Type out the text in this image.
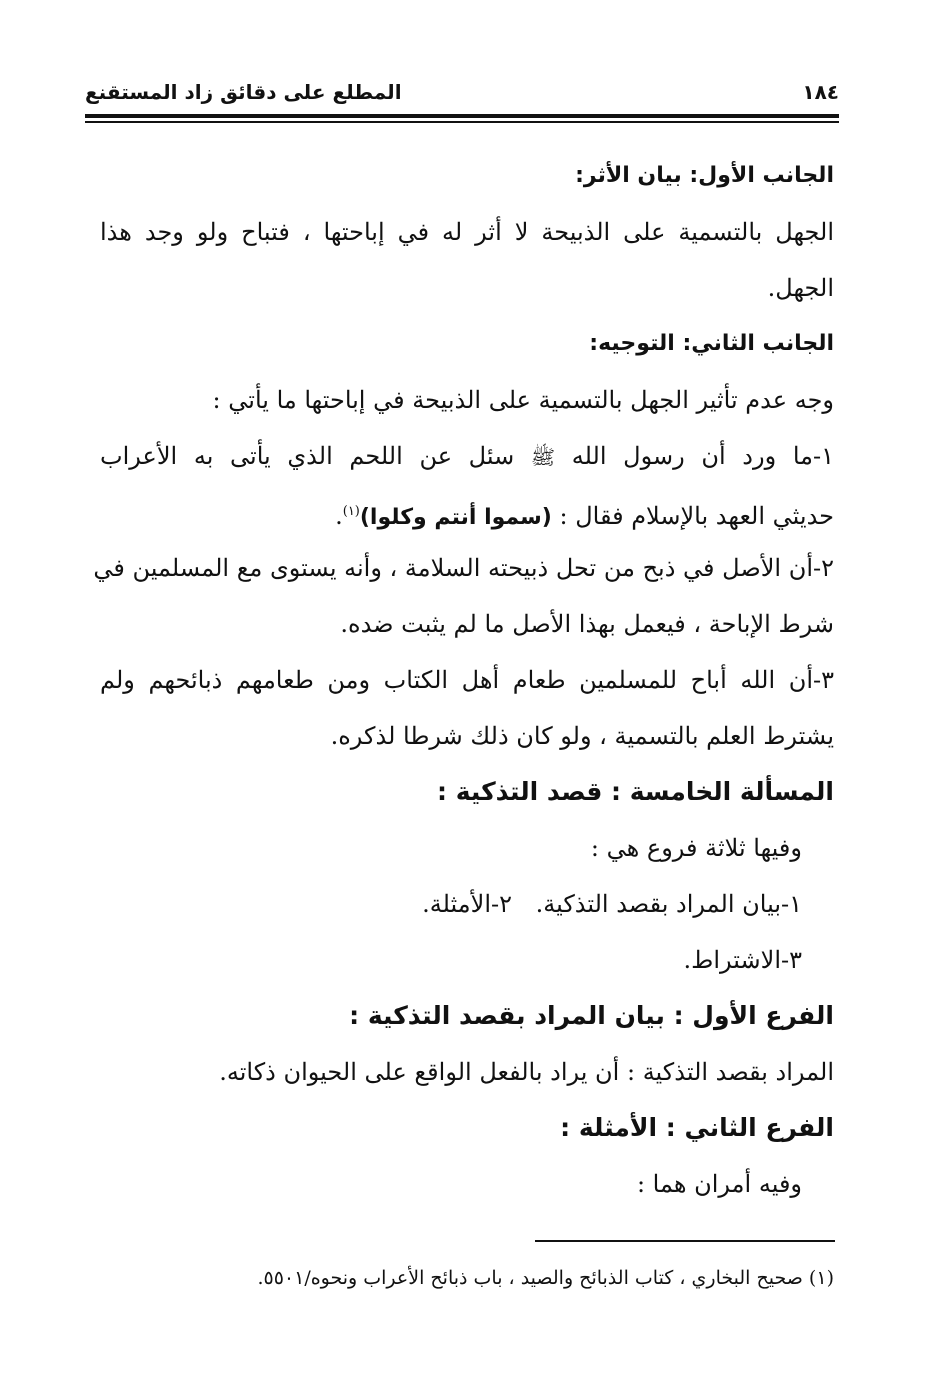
١٨٤
المطلع على دقائق زاد المستقنع
الجانب الأول: بيان الأثر:
الجهل بالتسمية على الذبيحة لا أثر له في إباحتها ، فتباح ولو وجد هذا
الجهل.
الجانب الثاني: التوجيه:
وجه عدم تأثير الجهل بالتسمية على الذبيحة في إباحتها ما يأتي :
١-ما ورد أن رسول الله ﷺ سئل عن اللحم الذي يأتى به الأعراب
حديثي العهد بالإسلام فقال : (سموا أنتم وكلوا)$^{(١)}$.
٢-أن الأصل في ذبح من تحل ذبيحته السلامة ، وأنه يستوى مع المسلمين في
شرط الإباحة ، فيعمل بهذا الأصل ما لم يثبت ضده.
٣-أن الله أباح للمسلمين طعام أهل الكتاب ومن طعامهم ذبائحهم ولم
يشترط العلم بالتسمية ، ولو كان ذلك شرطا لذكره.
المسألة الخامسة : قصد التذكية :
وفيها ثلاثة فروع هي :
١-بيان المراد بقصد التذكية.
٢-الأمثلة.
٣-الاشتراط.
الفرع الأول : بيان المراد بقصد التذكية :
المراد بقصد التذكية : أن يراد بالفعل الواقع على الحيوان ذكاته.
الفرع الثاني : الأمثلة :
وفيه أمران هما :
(١) صحيح البخاري ، كتاب الذبائح والصيد ، باب ذبائح الأعراب ونحوه/٥٥٠١.
